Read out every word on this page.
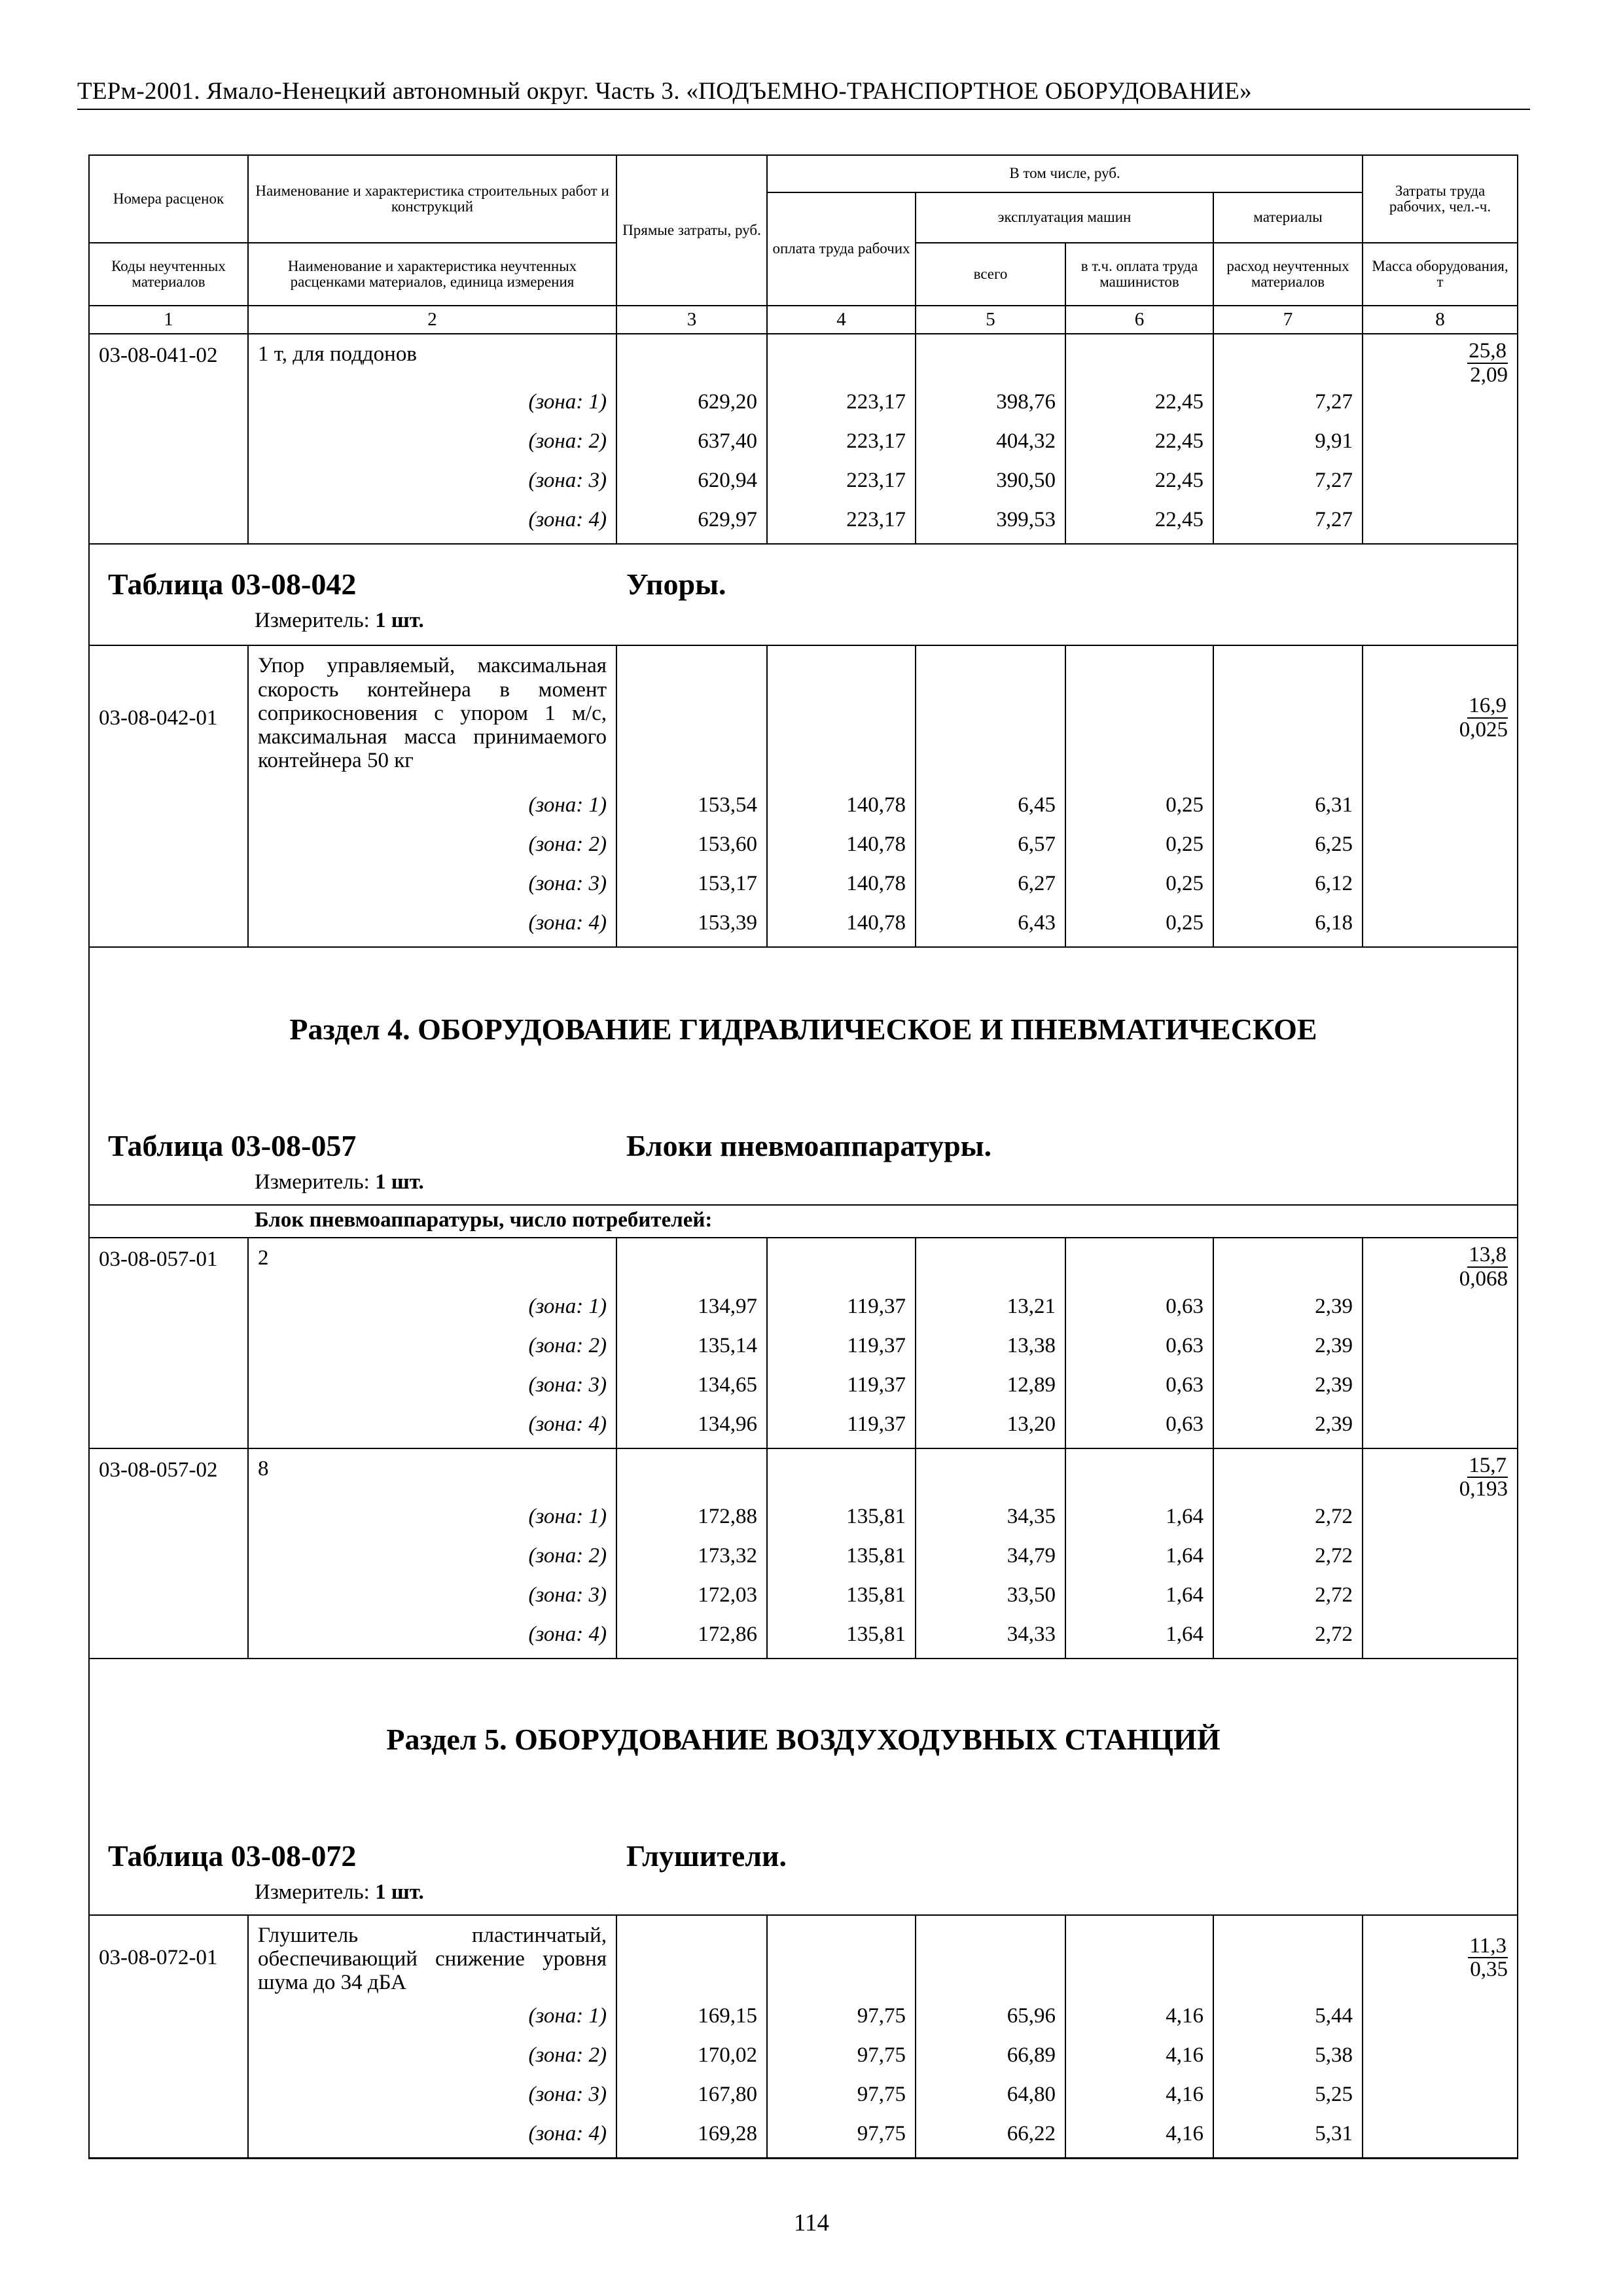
ТЕРм-2001. Ямало-Ненецкий автономный округ. Часть 3. «ПОДЪЕМНО-ТРАНСПОРТНОЕ ОБОРУДОВАНИЕ»
Номера расценок	Наименование и характеристика строительных работ и конструкций	Прямые затраты, руб.	В том числе, руб.				Затраты труда рабочих, чел.-ч.
			оплата труда рабочих	эксплуатация машин		материалы	
Коды неучтенных материалов	Наименование и характеристика неучтенных расценками материалов, единица измерения			всего	в т.ч. оплата труда машинистов	расход неучтенных материалов	Масса оборудования, т
1	2	3	4	5	6	7	8
03-08-041-02	1 т, для поддонов						25,8
2,09

	(зона: 1)	629,20	223,17	398,76	22,45	7,27	
	(зона: 2)	637,40	223,17	404,32	22,45	9,91	
	(зона: 3)	620,94	223,17	390,50	22,45	7,27	
	(зона: 4)	629,97	223,17	399,53	22,45	7,27	

Таблица 03-08-042 Упоры.
Измеритель: 1 шт.							

03-08-042-01	Упор управляемый, максимальная скорость контейнера в момент соприкосновения с упором 1 м/с, максимальная масса принимаемого контейнера 50 кг						16,9
0,025

	(зона: 1)	153,54	140,78	6,45	0,25	6,31	
	(зона: 2)	153,60	140,78	6,57	0,25	6,25	
	(зона: 3)	153,17	140,78	6,27	0,25	6,12	
	(зона: 4)	153,39	140,78	6,43	0,25	6,18	

Раздел 4. ОБОРУДОВАНИЕ ГИДРАВЛИЧЕСКОЕ И ПНЕВМАТИЧЕСКОЕ
Таблица 03-08-057 Блоки пневмоаппаратуры.
Измеритель: 1 шт.							

Блок пневмоаппаратуры, число потребителей:							
03-08-057-01	2						13,8
0,068

	(зона: 1)	134,97	119,37	13,21	0,63	2,39	
	(зона: 2)	135,14	119,37	13,38	0,63	2,39	
	(зона: 3)	134,65	119,37	12,89	0,63	2,39	
	(зона: 4)	134,96	119,37	13,20	0,63	2,39	
03-08-057-02	8						15,7
0,193

	(зона: 1)	172,88	135,81	34,35	1,64	2,72	
	(зона: 2)	173,32	135,81	34,79	1,64	2,72	
	(зона: 3)	172,03	135,81	33,50	1,64	2,72	
	(зона: 4)	172,86	135,81	34,33	1,64	2,72	

Раздел 5. ОБОРУДОВАНИЕ ВОЗДУХОДУВНЫХ СТАНЦИЙ
Таблица 03-08-072 Глушители.
Измеритель: 1 шт.							

03-08-072-01	Глушитель пластинчатый, обеспечивающий снижение уровня шума до 34 дБА						11,3
0,35

	(зона: 1)	169,15	97,75	65,96	4,16	5,44	
	(зона: 2)	170,02	97,75	66,89	4,16	5,38	
	(зона: 3)	167,80	97,75	64,80	4,16	5,25	
	(зона: 4)	169,28	97,75	66,22	4,16	5,31	
114
